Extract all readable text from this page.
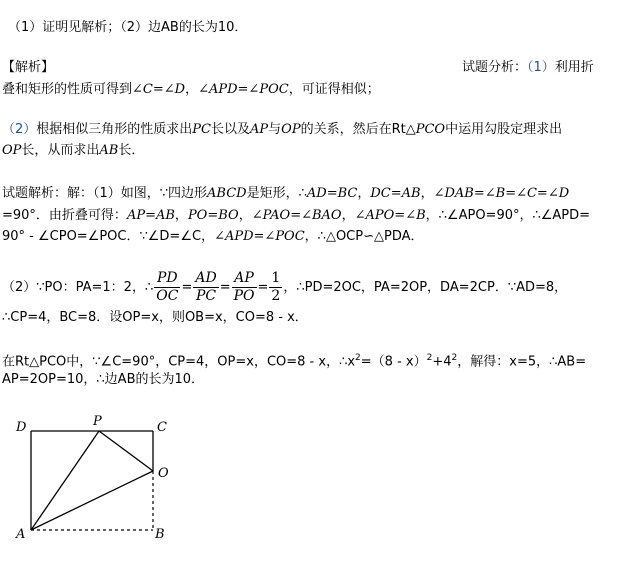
（1）证明见解析；（2）边AB的长为10．
【解析】	试题分析：（1）利用折
叠和矩形的性质可得到∠C=∠D，∠APD=∠POC，可证得相似；
（2）根据相似三角形的性质求出PC长以及AP与OP的关系，然后在Rt△PCO中运用勾股定理求出
OP长，从而求出AB长．
试题解析：解：（1）如图，∵四边形ABCD是矩形，∴AD=BC，DC=AB，∠DAB=∠B=∠C=∠D
=90°．由折叠可得：AP=AB，PO=BO，∠PAO=∠BAO，∠APO=∠B，∴∠APO=90°，∴∠APD=
90° - ∠CPO=∠POC．∵∠D=∠C，∠APD=∠POC，∴△OCP∽△PDA．
（2）∵PO：PA=1：2，∴ $\frac{PD}{OC} = \frac{AD}{PC} = \frac{AP}{PO} = \frac{1}{2}$ ，∴PD=2OC，PA=2OP，DA=2CP．∵AD=8，
∴CP=4，BC=8．设OP=x，则OB=x，CO=8 - x．
在Rt△PCO中，∵∠C=90°，CP=4，OP=x，CO=8 - x，$\therefore x^2=(8 - x)^2+4^2$，解得：x=5，∴AB=
AP=2OP=10，∴边AB的长为10．
D	P	C
O
A	B
